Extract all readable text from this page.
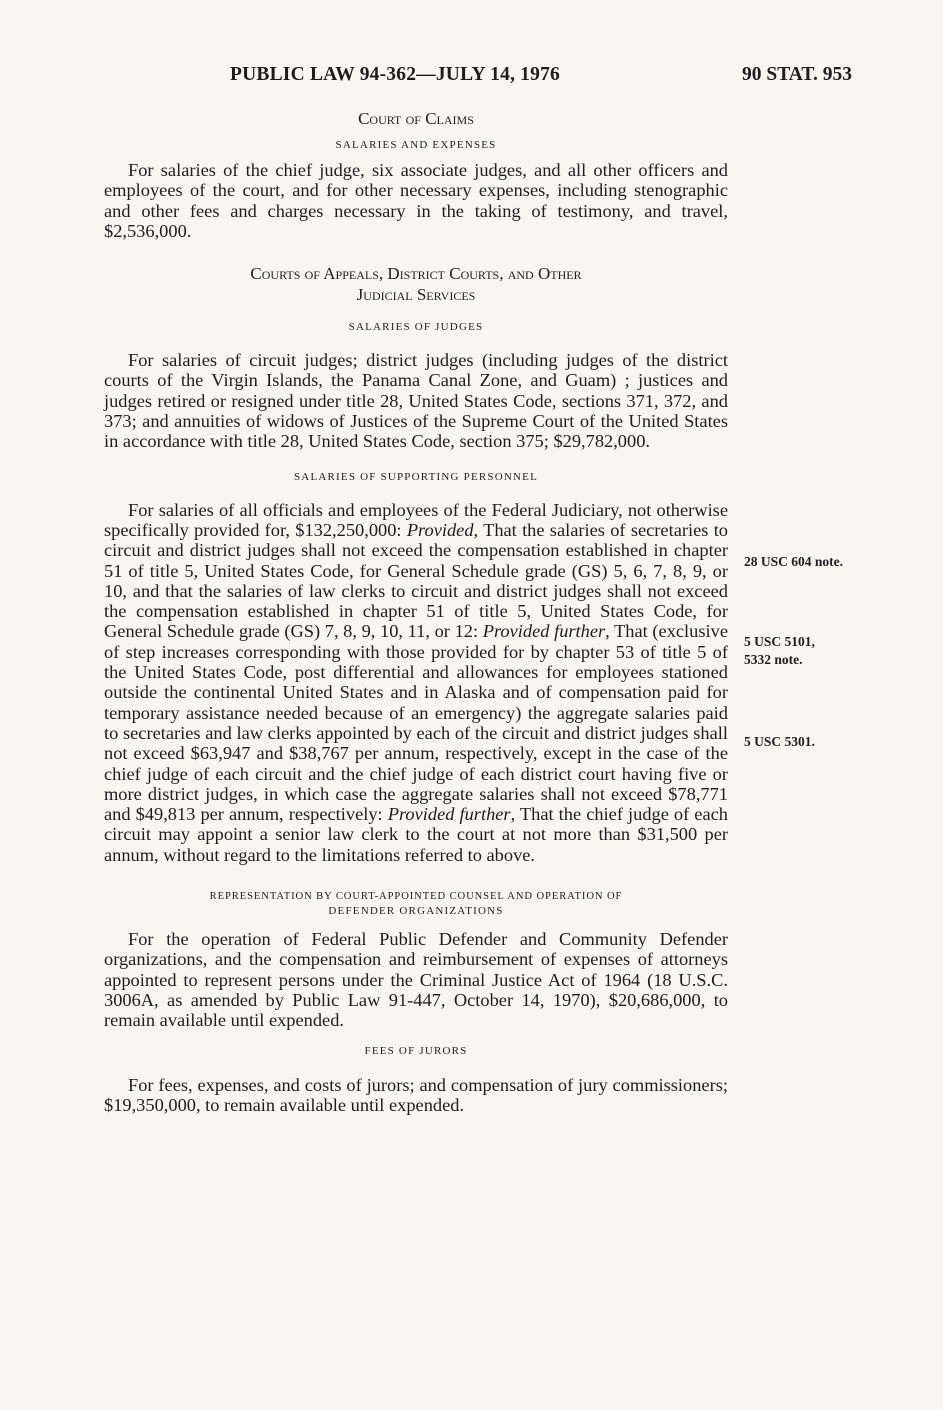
PUBLIC LAW 94-362—JULY 14, 1976	90 STAT. 953
Court of Claims
SALARIES AND EXPENSES

For salaries of the chief judge, six associate judges, and all other officers and employees of the court, and for other necessary expenses, including stenographic and other fees and charges necessary in the taking of testimony, and travel, $2,536,000.

Courts of Appeals, District Courts, and Other
Judicial Services
SALARIES OF JUDGES

For salaries of circuit judges; district judges (including judges of the district courts of the Virgin Islands, the Panama Canal Zone, and Guam) ; justices and judges retired or resigned under title 28, United States Code, sections 371, 372, and 373; and annuities of widows of Justices of the Supreme Court of the United States in accordance with title 28, United States Code, section 375; $29,782,000.

SALARIES OF SUPPORTING PERSONNEL

For salaries of all officials and employees of the Federal Judiciary, not otherwise specifically provided for, $132,250,000: Provided, That the salaries of secretaries to circuit and district judges shall not exceed the compensation established in chapter 51 of title 5, United States Code, for General Schedule grade (GS) 5, 6, 7, 8, 9, or 10, and that the salaries of law clerks to circuit and district judges shall not exceed the compensation established in chapter 51 of title 5, United States Code, for General Schedule grade (GS) 7, 8, 9, 10, 11, or 12: Provided further, That (exclusive of step increases corresponding with those provided for by chapter 53 of title 5 of the United States Code, post differential and allowances for employees stationed outside the continental United States and in Alaska and of compensation paid for temporary assistance needed because of an emergency) the aggregate salaries paid to secretaries and law clerks appointed by each of the circuit and district judges shall not exceed $63,947 and $38,767 per annum, respectively, except in the case of the chief judge of each circuit and the chief judge of each district court having five or more district judges, in which case the aggregate salaries shall not exceed $78,771 and $49,813 per annum, respectively: Provided further, That the chief judge of each circuit may appoint a senior law clerk to the court at not more than $31,500 per annum, without regard to the limitations referred to above.

REPRESENTATION BY COURT-APPOINTED COUNSEL AND OPERATION OF
DEFENDER ORGANIZATIONS

For the operation of Federal Public Defender and Community Defender organizations, and the compensation and reimbursement of expenses of attorneys appointed to represent persons under the Criminal Justice Act of 1964 (18 U.S.C. 3006A, as amended by Public Law 91-447, October 14, 1970), $20,686,000, to remain available until expended.

FEES OF JURORS

For fees, expenses, and costs of jurors; and compensation of jury commissioners; $19,350,000, to remain available until expended.

28 USC 604 note.
5 USC 5101,
5332 note.
5 USC 5301.
